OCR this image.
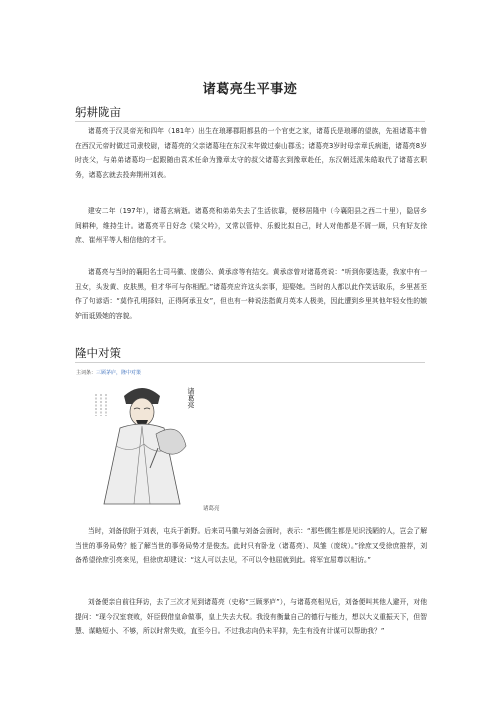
诸葛亮生平事迹
躬耕陇亩
诸葛亮于汉灵帝光和四年（181年）出生在琅琊郡阳都县的一个官吏之家，诸葛氏是琅琊的望族，先祖诸葛丰曾在西汉元帝时做过司隶校尉，诸葛亮的父亲诸葛珪在东汉末年做过泰山郡丞；诸葛亮3岁时母亲章氏病逝，诸葛亮8岁时丧父，与弟弟诸葛均一起跟随由袁术任命为豫章太守的叔父诸葛玄到豫章赴任，东汉朝廷派朱皓取代了诸葛玄职务，诸葛玄就去投奔荆州刘表。
建安二年（197年），诸葛玄病逝。诸葛亮和弟弟失去了生活依靠，便移居隆中（今襄阳县之西二十里），隐居乡间耕种，维持生计。诸葛亮平日好念《梁父吟》，又常以管仲、乐毅比拟自己，时人对他都是不屑一顾，只有好友徐庶、崔州平等人相信他的才干。
诸葛亮与当时的襄阳名士司马徽、庞德公、黄承彦等有结交。黄承彦曾对诸葛亮说：“听到你要选妻，我家中有一丑女，头发黄、皮肤黑，但才华可与你相配。”诸葛亮应许这头亲事，迎娶她。当时的人都以此作笑话取乐，乡里甚至作了句谚语：“莫作孔明择妇，正得阿承丑女”，但也有一种说法指黄月英本人极美，因此遭到乡里其他年轻女性的嫉妒而诋毁她的容貌。
隆中对策
主词条：三顾茅庐，隆中对策
诸葛亮
诸葛亮
当时，刘备依附于刘表，屯兵于新野。后来司马徽与刘备会面时，表示：“那些儒生都是见识浅陋的人，岂会了解当世的事务局势？能了解当世的事务局势才是俊杰。此时只有卧龙（诸葛亮）、凤雏（庞统）。”徐庶又受徐庶推荐，刘备希望徐庶引亮来见，但徐庶却建议：“这人可以去见，不可以令他屈就到此。将军宜屈尊以相访。”
刘备便亲自前往拜访，去了三次才见到诸葛亮（史称“三顾茅庐”），与诸葛亮相见后，刘备便叫其他人避开，对他提问：“现今汉室衰败，奸臣假借皇命做事，皇上失去大权。我没有衡量自己的德行与能力，想以大义重振天下，但智慧、谋略短小、不够，所以时常失败，直至今日。不过我志向仍未平抑，先生有没有计谋可以帮助我？”
